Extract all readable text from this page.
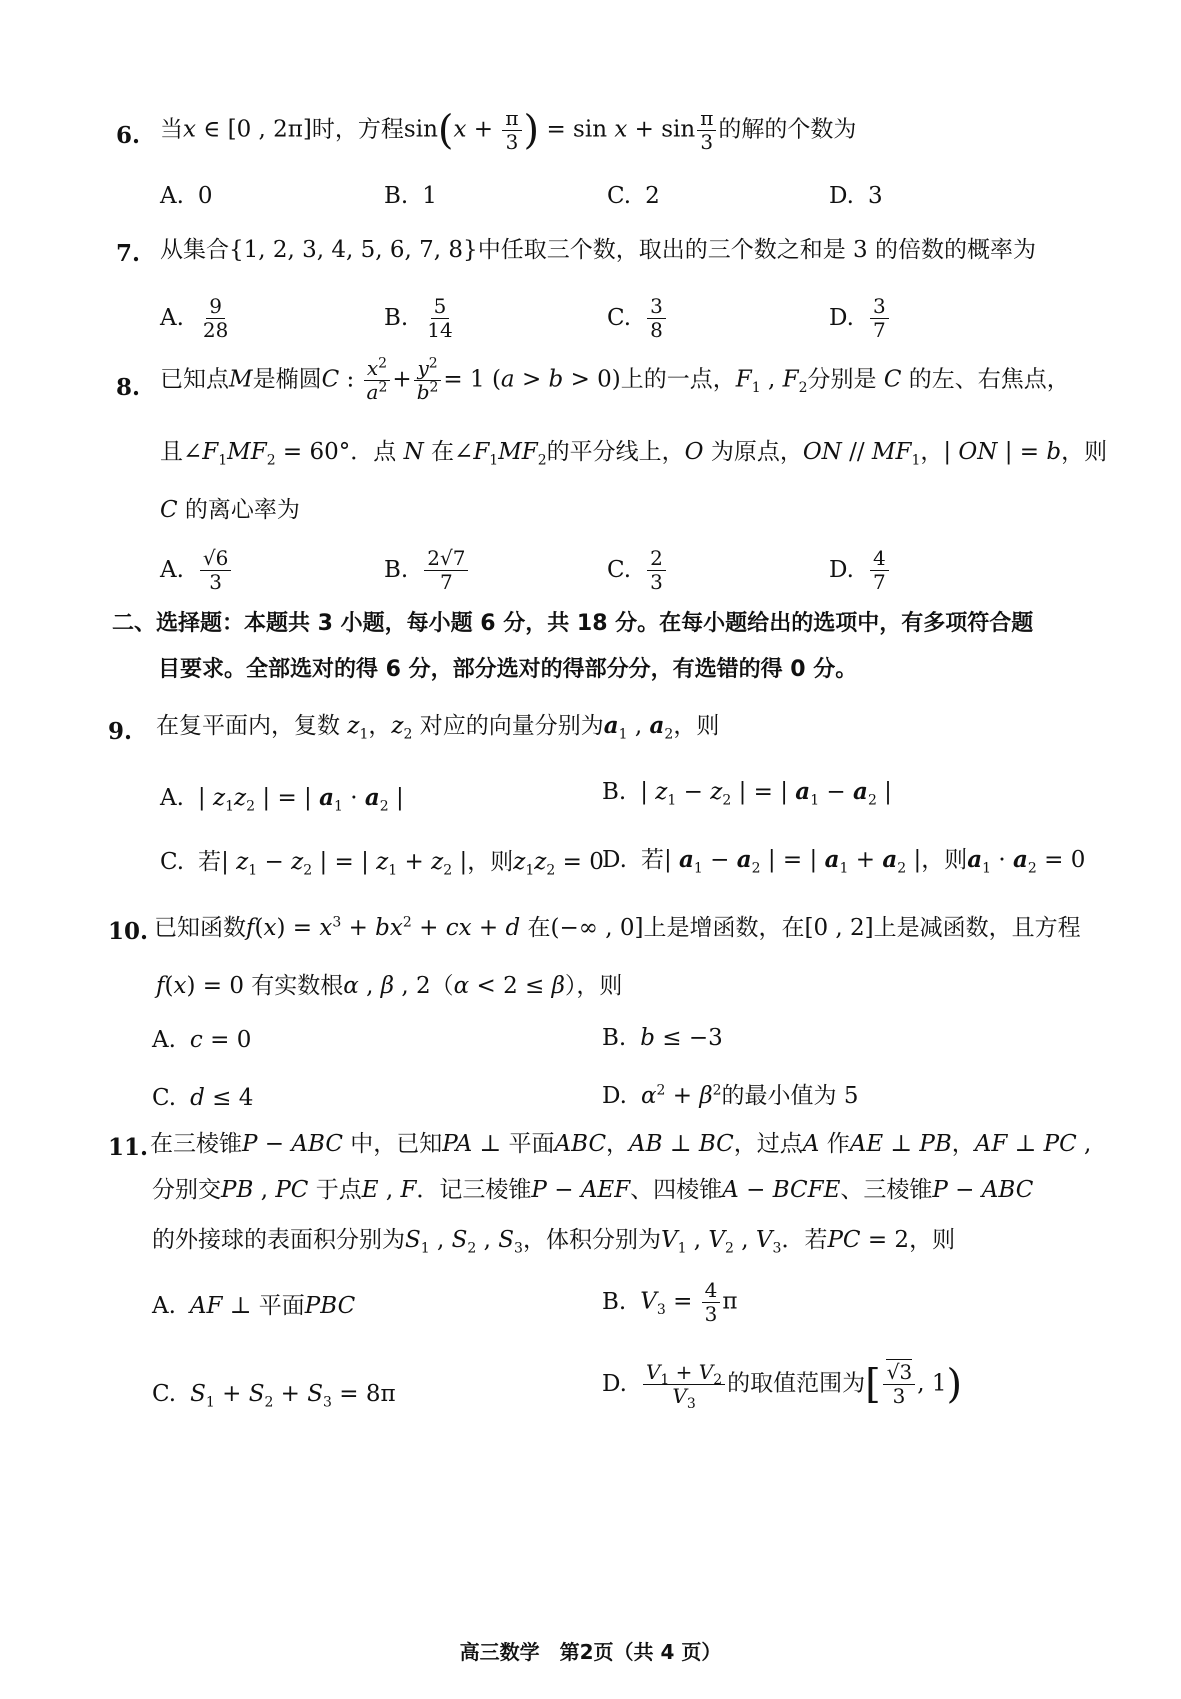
6. 当x ∈ [0 , 2π]时，方程$\sin(x + \frac{\pi}{3}$ ) = $\sin x + \sin \frac{\pi}{3}$ 的解的个数为
A. 0	B. 1	C. 2	D. 3
7. 从集合{1, 2, 3, 4, 5, 6, 7, 8}中任取三个数，取出的三个数之和是 3 的倍数的概率为
A. $\frac{9}{28}$	B. $\frac{5}{14}$	C. $\frac{3}{8}$	D. $\frac{3}{7}$
8. 已知点M是椭圆C : $\frac{x^2}{a^2} + \frac{y^2}{b^2} = 1$ (a > b > 0)上的一点，$F_1$ , $F_2$分别是 C 的左、右焦点，
且$\angle F_1MF_2 = 60^\circ$．点 N 在$\angle F_1MF_2$的平分线上，O 为原点，ON // $MF_1$，| ON | = b，则
C 的离心率为
A. $\frac{√6}{3}$	B. $\frac{2√7}{7}$	C. $\frac{2}{3}$	D. $\frac{4}{7}$
二、选择题：本题共 3 小题，每小题 6 分，共 18 分。在每小题给出的选项中，有多项符合题
目要求。全部选对的得 6 分，部分选对的得部分分，有选错的得 0 分。
9. 在复平面内，复数 $z_1$，$z_2$ 对应的向量分别为$a_1$ , $a_2$，则
A. | $z_1z_2$ | = | $a_1 \cdot a_2$ |	B. | $z_1 - z_2$ | = | $a_1 - a_2$ |
C. 若| $z_1 - z_2$ | = | $z_1 + z_2$ |，则$z_1z_2 = 0$
D. 若| $a_1 - a_2$ | = | $a_1 + a_2$ |，则$a_1 \cdot a_2 = 0$
10. 已知函数$f(x) = x^3 + bx^2$ + cx + d 在(−∞ , 0]上是增函数，在[0 , 2]上是减函数，且方程
f(x) = 0 有实数根α , β , 2（α < 2 ≤ β），则
A. c = 0	B. b ≤ −3
C. d ≤ 4	D. $\alpha^2 + \beta^2$的最小值为 5
11. 在三棱锥P − ABC 中，已知PA ⊥ 平面ABC，AB ⊥ BC，过点A 作AE ⊥ PB，AF ⊥ PC ,
分别交PB , PC 于点E , F．记三棱锥P − AEF、四棱锥A − BCFE、三棱锥P − ABC
的外接球的表面积分别为$S_1$ , $S_2$ , $S_3$，体积分别为$V_1$ , $V_2$ , $V_3$．若PC = 2，则
A. AF ⊥ 平面PBC	B. $V_3 = \frac{4}{3}$ π
C. $S_1 + S_2 + S_3 = 8\pi$	D. $\frac{V_1 + V_2}{V_3}$ 的取值范围为[ $\frac{√3}{3}$ , 1)
高三数学　第2页（共 4 页）
